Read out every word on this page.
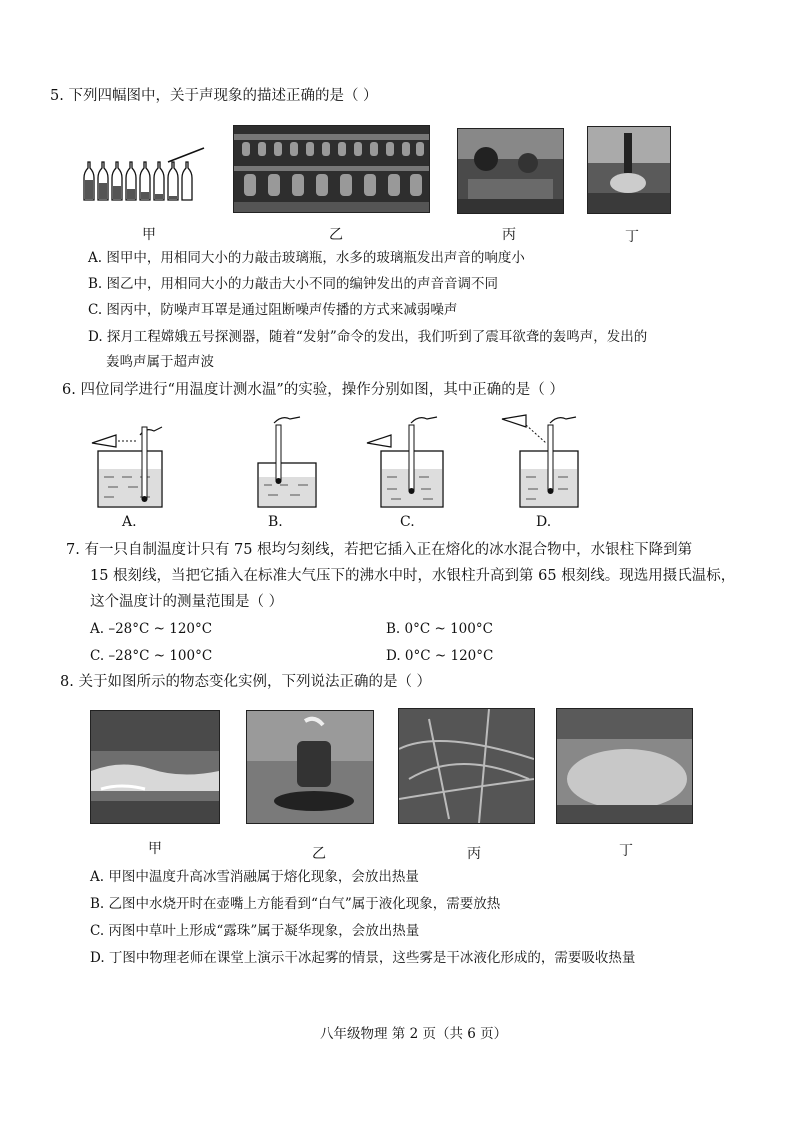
5. 下列四幅图中，关于声现象的描述正确的是（ ）
甲	乙	丙	丁
A. 图甲中，用相同大小的力敲击玻璃瓶，水多的玻璃瓶发出声音的响度小
B. 图乙中，用相同大小的力敲击大小不同的编钟发出的声音音调不同
C. 图丙中，防噪声耳罩是通过阻断噪声传播的方式来减弱噪声
D. 探月工程嫦娥五号探测器，随着“发射”命令的发出，我们听到了震耳欲聋的轰鸣声，发出的
轰鸣声属于超声波
6. 四位同学进行“用温度计测水温”的实验，操作分别如图，其中正确的是（ ）
A.	B.	C.	D.
7. 有一只自制温度计只有 75 根均匀刻线，若把它插入正在熔化的冰水混合物中，水银柱下降到第
15 根刻线，当把它插入在标准大气压下的沸水中时，水银柱升高到第 65 根刻线。现选用摄氏温标，
这个温度计的测量范围是（ ）
A. –28°C ~ 120°C	B. 0°C ~ 100°C
C. –28°C ~ 100°C	D. 0°C ~ 120°C
8. 关于如图所示的物态变化实例，下列说法正确的是（ ）
甲	乙	丙	丁
A. 甲图中温度升高冰雪消融属于熔化现象，会放出热量
B. 乙图中水烧开时在壶嘴上方能看到“白气”属于液化现象，需要放热
C. 丙图中草叶上形成“露珠”属于凝华现象，会放出热量
D. 丁图中物理老师在课堂上演示干冰起雾的情景，这些雾是干冰液化形成的，需要吸收热量
八年级物理 第 2 页（共 6 页）
